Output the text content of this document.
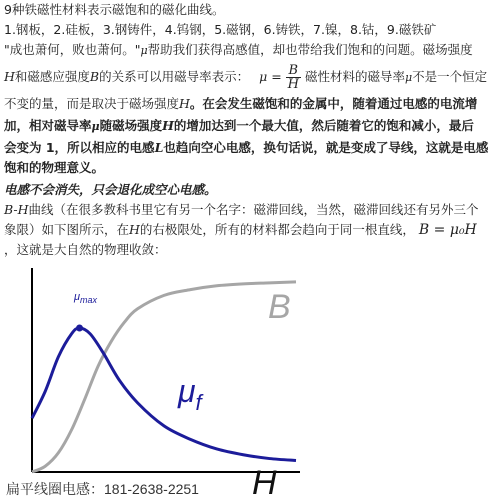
9种铁磁性材料表示磁饱和的磁化曲线。
1.钢板，2.硅板，3.钢铸件，4.钨钢，5.磁钢，6.铸铁，7.镍，8.钴，9.磁铁矿
"成也萧何，败也萧何。"μ帮助我们获得高感值，却也带给我们饱和的问题。磁场强度
H和磁感应强度B的关系可以用磁导率表示： $\mu = \frac{B}{H}$ 磁性材料的磁导率μ不是一个恒定
不变的量，而是取决于磁场强度H。在会发生磁饱和的金属中，随着通过电感的电流增
加，相对磁导率μ随磁场强度H的增加达到一个最大值，然后随着它的饱和减小，最后
会变为 1，所以相应的电感L也趋向空心电感，换句话说，就是变成了导线，这就是电感
饱和的物理意义。
电感不会消失，只会退化成空心电感。
B-H曲线（在很多教科书里它有另一个名字：磁滞回线，当然，磁滞回线还有另外三个
象限）如下图所示，在H的右极限处，所有的材料都会趋向于同一根直线， B = μ₀H
，这就是大自然的物理收敛：
B
$\mu_f$
$\mu_{max}$
H
扁平线圈电感：181-2638-2251
